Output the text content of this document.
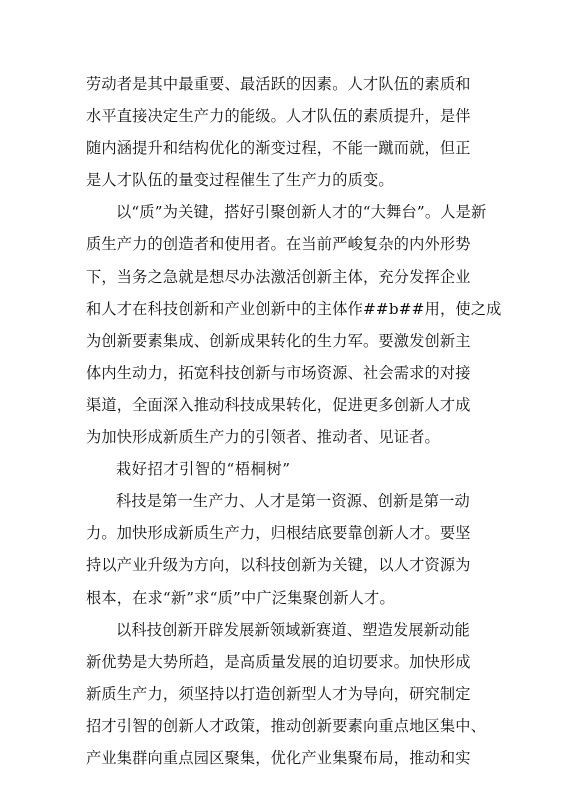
劳动者是其中最重要、最活跃的因素。人才队伍的素质和
水平直接决定生产力的能级。人才队伍的素质提升，是伴
随内涵提升和结构优化的渐变过程，不能一蹴而就，但正
是人才队伍的量变过程催生了生产力的质变。
以“质”为关键，搭好引聚创新人才的“大舞台”。人是新
质生产力的创造者和使用者。在当前严峻复杂的内外形势
下，当务之急就是想尽办法激活创新主体，充分发挥企业
和人才在科技创新和产业创新中的主体作##b##用，使之成
为创新要素集成、创新成果转化的生力军。要激发创新主
体内生动力，拓宽科技创新与市场资源、社会需求的对接
渠道，全面深入推动科技成果转化，促进更多创新人才成
为加快形成新质生产力的引领者、推动者、见证者。
栽好招才引智的“梧桐树”
科技是第一生产力、人才是第一资源、创新是第一动
力。加快形成新质生产力，归根结底要靠创新人才。要坚
持以产业升级为方向，以科技创新为关键，以人才资源为
根本，在求“新”求“质”中广泛集聚创新人才。
以科技创新开辟发展新领域新赛道、塑造发展新动能
新优势是大势所趋，是高质量发展的迫切要求。加快形成
新质生产力，须坚持以打造创新型人才为导向，研究制定
招才引智的创新人才政策，推动创新要素向重点地区集中、
产业集群向重点园区聚集，优化产业集聚布局，推动和实
